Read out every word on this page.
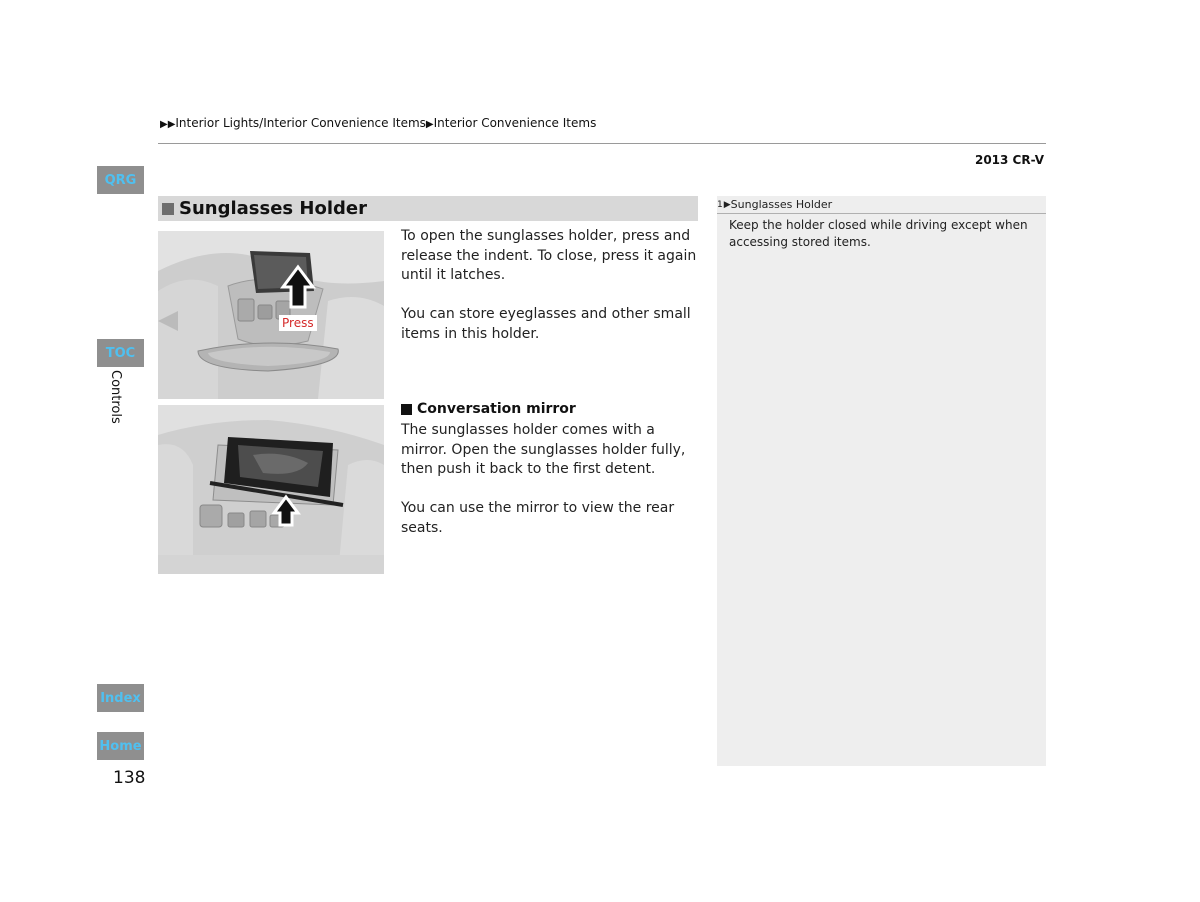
▶▶Interior Lights/Interior Convenience Items▶Interior Convenience Items
2013 CR-V
QRG
TOC
Controls
Index
Home
138
Sunglasses Holder
Press
To open the sunglasses holder, press and release the indent. To close, press it again until it latches.
You can store eyeglasses and other small items in this holder.
Conversation mirror
The sunglasses holder comes with a mirror. Open the sunglasses holder fully, then push it back to the first detent.
You can use the mirror to view the rear seats.
1 ▶ Sunglasses Holder
Keep the holder closed while driving except when accessing stored items.
